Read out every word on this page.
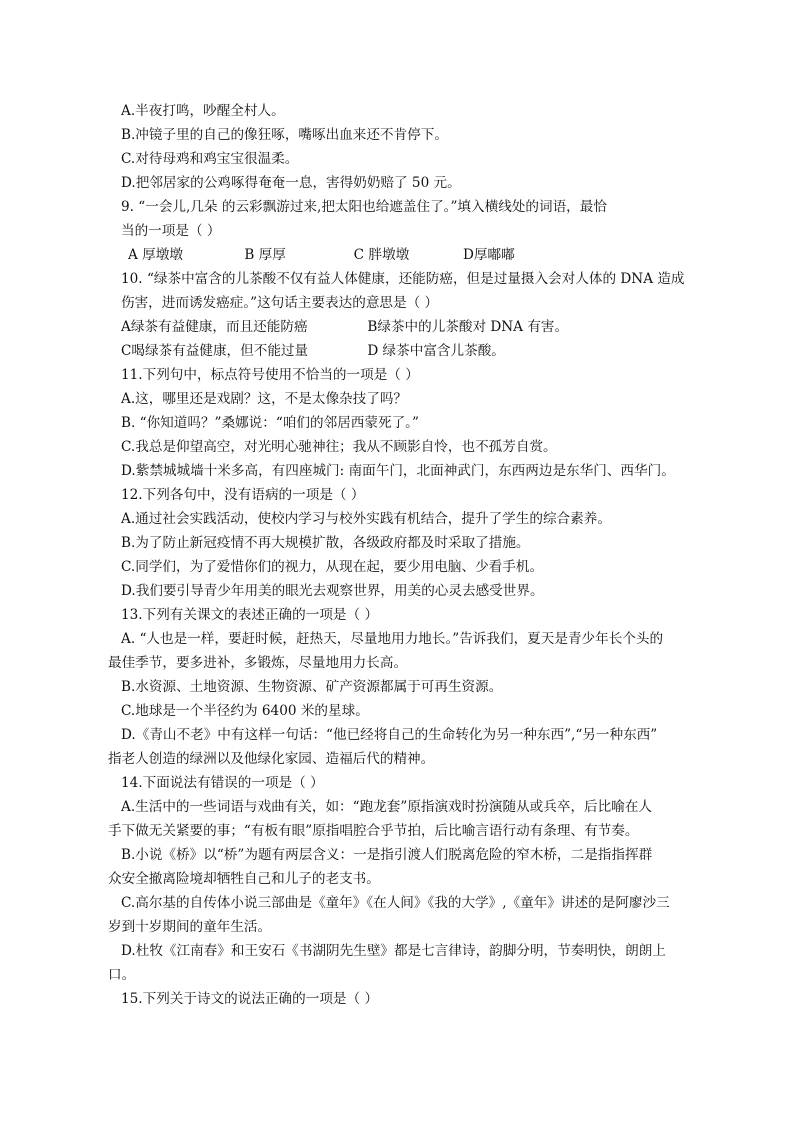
A.半夜打鸣，吵醒全村人。
B.冲镜子里的自己的像狂啄，嘴啄出血来还不肯停下。
C.对待母鸡和鸡宝宝很温柔。
D.把邻居家的公鸡啄得奄奄一息，害得奶奶赔了 50 元。
9. “一会儿,几朵 的云彩飘游过来,把太阳也给遮盖住了。”填入横线处的词语，最恰
当的一项是（ ）
A 厚墩墩	B 厚厚	C 胖墩墩	D厚嘟嘟
10. “绿茶中富含的儿茶酸不仅有益人体健康，还能防癌，但是过量摄入会对人体的 DNA 造成
伤害，进而诱发癌症。”这句话主要表达的意思是（ ）
A绿茶有益健康，而且还能防癌	B绿茶中的儿茶酸对 DNA 有害。
C喝绿茶有益健康，但不能过量	D 绿茶中富含儿茶酸。
11.下列句中，标点符号使用不恰当的一项是（ ）
A.这，哪里还是戏剧？这，不是太像杂技了吗？
B. “你知道吗？”桑娜说：“咱们的邻居西蒙死了。”
C.我总是仰望高空，对光明心驰神往；我从不顾影自怜，也不孤芳自赏。
D.紫禁城城墙十米多高，有四座城门: 南面午门，北面神武门，东西两边是东华门、西华门。
12.下列各句中，没有语病的一项是（ ）
A.通过社会实践活动，使校内学习与校外实践有机结合，提升了学生的综合素养。
B.为了防止新冠疫情不再大规模扩散，各级政府都及时采取了措施。
C.同学们，为了爱惜你们的视力，从现在起，要少用电脑、少看手机。
D.我们要引导青少年用美的眼光去观察世界，用美的心灵去感受世界。
13.下列有关课文的表述正确的一项是（ ）
A. “人也是一样，要赶时候，赶热天，尽量地用力地长。”告诉我们，夏天是青少年长个头的
最佳季节，要多进补，多锻炼，尽量地用力长高。
B.水资源、土地资源、生物资源、矿产资源都属于可再生资源。
C.地球是一个半径约为 6400 米的星球。
D.《青山不老》中有这样一句话：“他已经将自己的生命转化为另一种东西”,“另一种东西”
指老人创造的绿洲以及他绿化家园、造福后代的精神。
14.下面说法有错误的一项是（ ）
A.生活中的一些词语与戏曲有关，如：“跑龙套”原指演戏时扮演随从或兵卒，后比喻在人
手下做无关紧要的事；“有板有眼”原指唱腔合乎节拍，后比喻言语行动有条理、有节奏。
B.小说《桥》以“桥”为题有两层含义：一是指引渡人们脱离危险的窄木桥，二是指指挥群
众安全撤离险境却牺牲自己和儿子的老支书。
C.高尔基的自传体小说三部曲是《童年》《在人间》《我的大学》,《童年》讲述的是阿廖沙三
岁到十岁期间的童年生活。
D.杜牧《江南春》和王安石《书湖阴先生壁》都是七言律诗，韵脚分明，节奏明快，朗朗上
口。
15.下列关于诗文的说法正确的一项是（ ）
